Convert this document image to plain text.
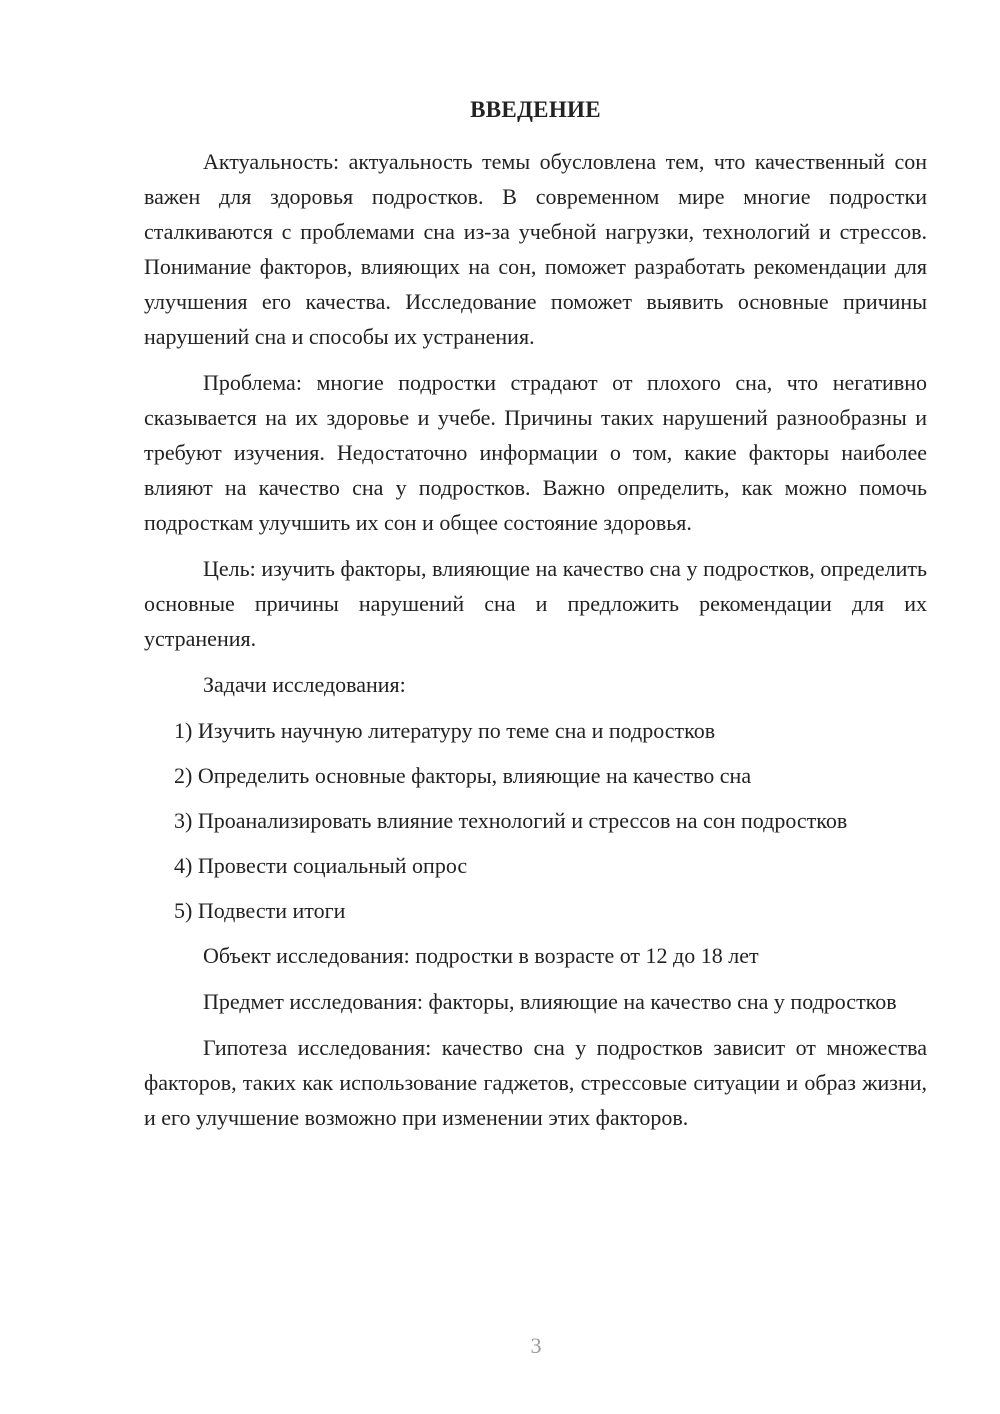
ВВЕДЕНИЕ

Актуальность: актуальность темы обусловлена тем, что качественный сон важен для здоровья подростков. В современном мире многие подростки сталкиваются с проблемами сна из-за учебной нагрузки, технологий и стрессов. Понимание факторов, влияющих на сон, поможет разработать рекомендации для улучшения его качества. Исследование поможет выявить основные причины нарушений сна и способы их устранения.

Проблема: многие подростки страдают от плохого сна, что негативно сказывается на их здоровье и учебе. Причины таких нарушений разнообразны и требуют изучения. Недостаточно информации о том, какие факторы наиболее влияют на качество сна у подростков. Важно определить, как можно помочь подросткам улучшить их сон и общее состояние здоровья.

Цель: изучить факторы, влияющие на качество сна у подростков, определить основные причины нарушений сна и предложить рекомендации для их устранения.

Задачи исследования:

1) Изучить научную литературу по теме сна и подростков

2) Определить основные факторы, влияющие на качество сна

3) Проанализировать влияние технологий и стрессов на сон подростков

4) Провести социальный опрос

5) Подвести итоги

Объект исследования: подростки в возрасте от 12 до 18 лет

Предмет исследования: факторы, влияющие на качество сна у подростков

Гипотеза исследования: качество сна у подростков зависит от множества факторов, таких как использование гаджетов, стрессовые ситуации и образ жизни, и его улучшение возможно при изменении этих факторов.

3
